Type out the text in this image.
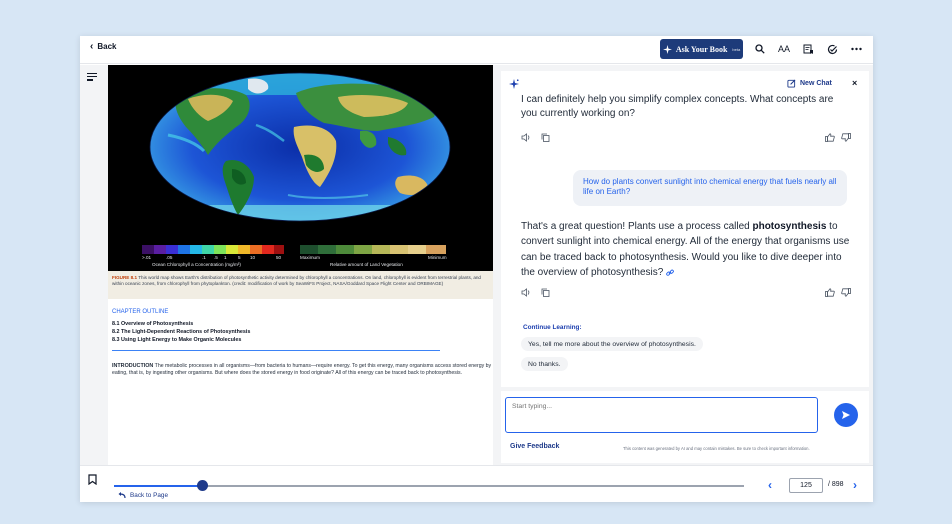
‹ Back	Ask Your Book beta	AA
>.01	.05	.1 .5 1 5 10	50
Ocean Chlorophyll a Concentration (mg/m³)
Maximum	Minimum
Relative amount of Land Vegetation
FIGURE 8.1 This world map shows Earth's distribution of photosynthetic activity determined by chlorophyll a concentrations. On land, chlorophyll is evident from terrestrial plants, and within oceanic zones, from chlorophyll from phytoplankton. (credit: modification of work by SeaWiFS Project, NASA/Goddard Space Flight Center and ORBIMAGE)
CHAPTER OUTLINE
8.1 Overview of Photosynthesis
8.2 The Light-Dependent Reactions of Photosynthesis
8.3 Using Light Energy to Make Organic Molecules
INTRODUCTION The metabolic processes in all organisms—from bacteria to humans—require energy. To get this energy, many organisms access stored energy by eating, that is, by ingesting other organisms. But where does the stored energy in food originate? All of this energy can be traced back to photosynthesis.
New Chat ×
I can definitely help you simplify complex concepts. What concepts are you currently working on?
How do plants convert sunlight into chemical energy that fuels nearly all life on Earth?
That's a great question! Plants use a process called photosynthesis to convert sunlight into chemical energy. All of the energy that organisms use can be traced back to photosynthesis. Would you like to dive deeper into the overview of photosynthesis?
Continue Learning:
Yes, tell me more about the overview of photosynthesis.
No thanks.
Start typing...
Give Feedback	This content was generated by AI and may contain mistakes. Be sure to check important information.
Back to Page
‹
125	/ 898 ›
